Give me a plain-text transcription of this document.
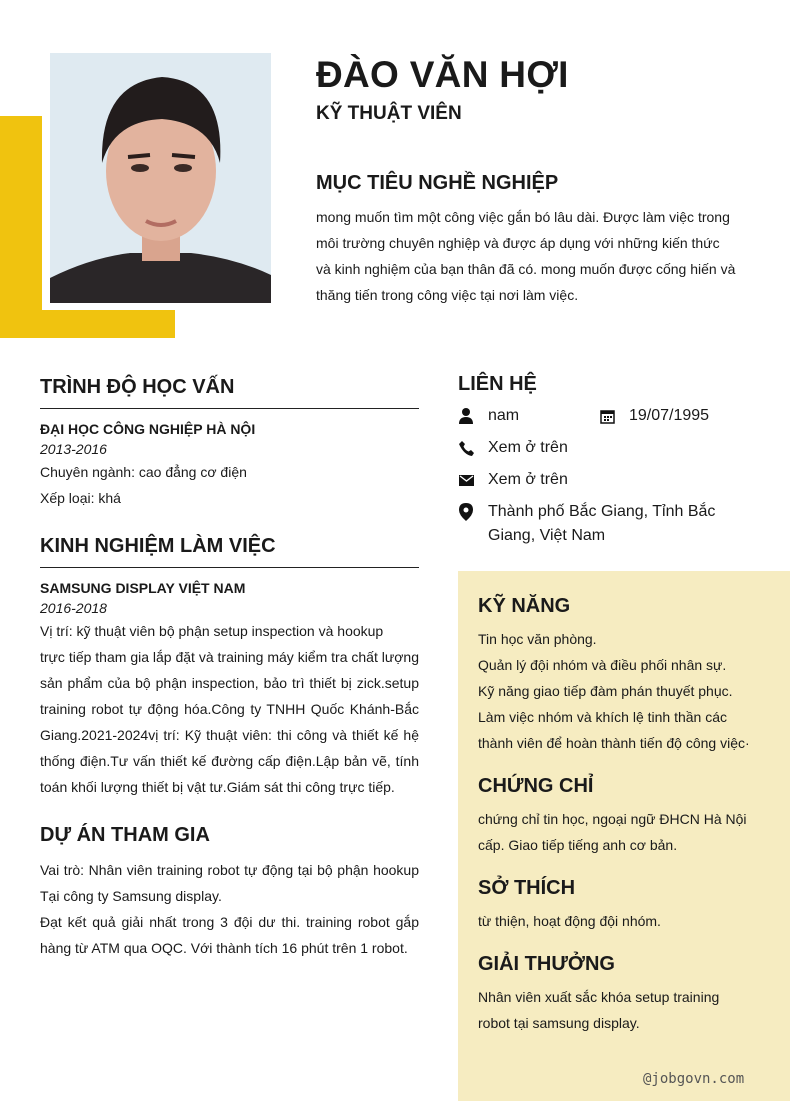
ĐÀO VĂN HỢI
KỸ THUẬT VIÊN
MỤC TIÊU NGHỀ NGHIỆP

mong muốn tìm một công việc gắn bó lâu dài. Được làm việc trong môi trường chuyên nghiệp và được áp dụng với những kiến thức và kinh nghiệm của bạn thân đã có. mong muốn được cống hiến và thăng tiến trong công việc tại nơi làm việc.

TRÌNH ĐỘ HỌC VẤN
ĐẠI HỌC CÔNG NGHIỆP HÀ NỘI
2013-2016
Chuyên ngành: cao đẳng cơ điện
Xếp loại: khá
KINH NGHIỆM LÀM VIỆC
SAMSUNG DISPLAY VIỆT NAM
2016-2018
Vị trí: kỹ thuật viên bộ phận setup inspection và hookup
trực tiếp tham gia lắp đặt và training máy kiểm tra chất lượng sản phẩm của bộ phận inspection, bảo trì thiết bị zick.setup training robot tự động hóa.Công ty TNHH Quốc Khánh-Bắc Giang.2021-2024vị trí: Kỹ thuật viên: thi công và thiết kế hệ thống điện.Tư vấn thiết kế đường cấp điện.Lập bản vẽ, tính toán khối lượng thiết bị vật tư.Giám sát thi công trực tiếp.
DỰ ÁN THAM GIA
Vai trò: Nhân viên training robot tự động tại bộ phận hookup Tại công ty Samsung display.
Đạt kết quả giải nhất trong 3 đội dư thi. training robot gắp hàng từ ATM qua OQC. Với thành tích 16 phút trên 1 robot.
LIÊN HỆ
nam	19/07/1995
Xem ở trên
Xem ở trên
Thành phố Bắc Giang, Tỉnh Bắc Giang, Việt Nam
KỸ NĂNG
Tin học văn phòng.
Quản lý đội nhóm và điều phối nhân sự.
Kỹ năng giao tiếp đàm phán thuyết phục.
Làm việc nhóm và khích lệ tinh thần các
thành viên để hoàn thành tiến độ công việc·
CHỨNG CHỈ
chứng chỉ tin học, ngoại ngữ ĐHCN Hà Nội cấp. Giao tiếp tiếng anh cơ bản.
SỞ THÍCH
từ thiện, hoạt động đội nhóm.
GIẢI THƯỞNG
Nhân viên xuất sắc khóa setup training robot tại samsung display.
@jobgovn.com
